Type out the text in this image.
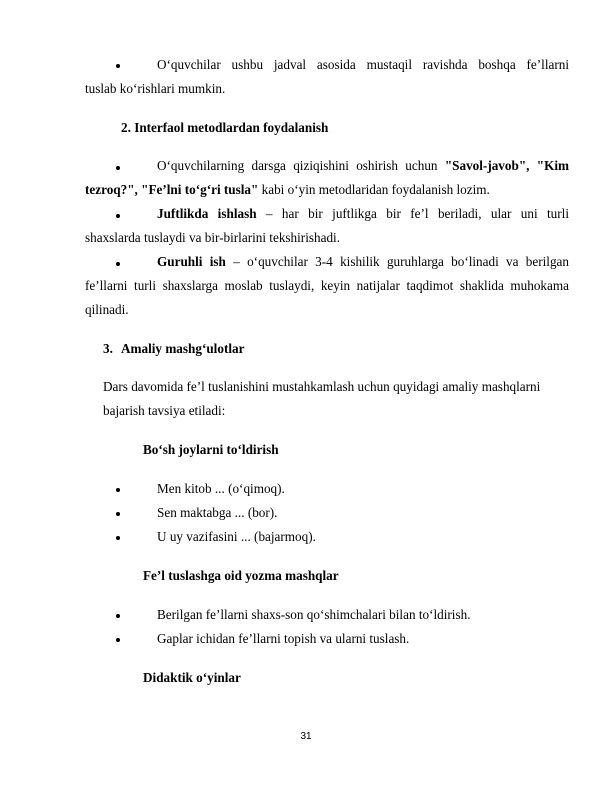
O‘quvchilar ushbu jadval asosida mustaqil ravishda boshqa fe’llarni
tuslab ko‘rishlari mumkin.
2. Interfaol metodlardan foydalanish
O‘quvchilarning darsga qiziqishini oshirish uchun "Savol-javob", "Kim
tezroq?", "Fe’lni to‘g‘ri tusla" kabi o‘yin metodlaridan foydalanish lozim.
Juftlikda ishlash – har bir juftlikga bir fe’l beriladi, ular uni turli
shaxslarda tuslaydi va bir-birlarini tekshirishadi.
Guruhli ish – o‘quvchilar 3-4 kishilik guruhlarga bo‘linadi va berilgan
fe’llarni turli shaxslarga moslab tuslaydi, keyin natijalar taqdimot shaklida muhokama
qilinadi.
3. Amaliy mashg‘ulotlar
Dars davomida fe’l tuslanishini mustahkamlash uchun quyidagi amaliy mashqlarni
bajarish tavsiya etiladi:
Bo‘sh joylarni to‘ldirish
Men kitob ... (o‘qimoq).
Sen maktabga ... (bor).
U uy vazifasini ... (bajarmoq).
Fe’l tuslashga oid yozma mashqlar
Berilgan fe’llarni shaxs-son qo‘shimchalari bilan to‘ldirish.
Gaplar ichidan fe’llarni topish va ularni tuslash.
Didaktik o‘yinlar
31
